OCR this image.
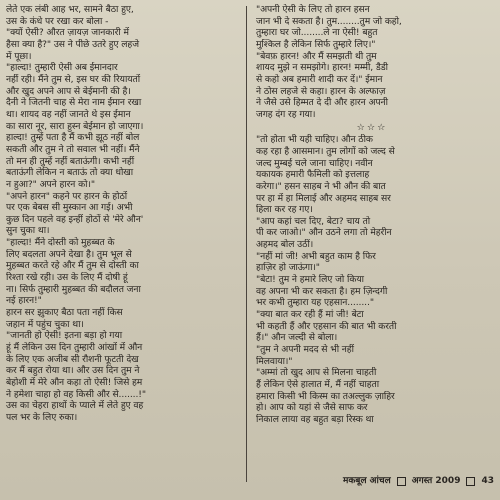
लेते एक लंबी आह भर, सामने बैठा हुए,
उस के कंधे पर रखा कर बोला -
"क्यों ऐसी? औरत ज़ायज़ जानकारी में
हैसा क्या है?" उस ने पीछे उतरे हुए लहजे
में पूछा।
"हाल्दा! तुम्हारी ऐसी अब ईमानदार
नहीं रही। मैंने तुम से, इस घर की रियायतों
और खुद अपने आप से बेईमानी की है।
दैनी ने जितनी चाह से मेरा नाम ईमान रखा
था। शायद वह नहीं जानते थे इस ईमान
का सारा नूर, सारा हुस्न बेईमान हो जाएगा।
हाल्दा! तुम्हें पता है मैं कभी झूठ नहीं बोल
सकती और तुम ने तो सवाल भी नहीं। मैंने
तो मन ही तुम्हें नहीं बताऊंगी। कभी नहीं
बताऊंगी लेकिन न बताऊं तो क्या धोखा
न हुआ?" अपने हारन को।"
"अपने हारन" कहने पर हारन के होठों
पर एक बेबस सी मुस्कान आ गई। अभी
कुछ दिन पहले वह इन्हीं होठों से 'मेरे औन'
सुन चुका था।
"हाल्दा! मैंने दोस्ती को मुहब्बत के
लिए बदलता अपने देखा है। तुम भूल से
मुहब्बत करते रहे और मैं तुम से दोस्ती का
रिश्ता रखे रही। उस के लिए मैं दोषी हूं
ना। सिर्फ तुम्हारी मुहब्बत की बदौलत जना
नई हारन!"
हारन सर झुकाए बैठा पता नहीं किस
जहान में पहुंच चुका था।
"जानती हो ऐसी! इतना बड़ा हो गया
हूं मैं लेकिन उस दिन तुम्हारी आंखों में औन
के लिए एक अजीब सी रौशनी फूटती देख
कर मैं बहुत रोया था। और उस दिन तुम ने
बेहोशी में मेरे औन कहा तो ऐसी! जिसे हम
ने हमेशा चाहा हो वह किसी और से.......!"
उस का चेहरा हाथों के प्याले में लेते हुए वह
पल भर के लिए रुका।
"अपनी ऐसी के लिए तो हारन हसन
जान भी दे सकता है। तुम........तुम जो कहो,
तुम्हारा घर जो........ले ना ऐसी! बहुत
मुश्किल है लेकिन सिर्फ तुम्हारे लिए।"
"बेवफ़ हारन! और मैं समझती थी तुम
शायद मुझे न समझोगे। हारन! मम्मी, डैडी
से कहो अब हमारी शादी कर दें।" ईमान
ने ठोस लहजे से कहा। हारन के अल्फाज़
ने जैसे उसे हिम्मत दे दी और हारन अपनी
जगह दंग रह गया।
☆☆☆
"तो होता भी यही चाहिए। औन ठीक
कह रहा है आसमान। तुम लोगों को जल्द से
जल्द मुम्बई चले जाना चाहिए। नवीन
यकायक हमारी फैमिली को इत्तलाह
करेगा।" हसन साहब ने भी औन की बात
पर हा में हा मिलाई और अहमद साहब सर
हिला कर रह गए।
"आप कहां चल दिए, बेटा? चाय तो
पी कर जाओ।" औन उठने लगा तो मेहरीन
अहमद बोल उठीं।
"नहीं मां जी! अभी बहुत काम है फिर
हाज़िर हो जाऊंगा।"
"बेटा! तुम ने हमारे लिए जो किया
वह अपना भी कर सकता है। हम ज़िन्दगी
भर कभी तुम्हारा यह एहसान........"
"क्या बात कर रही हैं मां जी! बेटा
भी कहती हैं और एहसान की बात भी करती
हैं।" औन जल्दी से बोला।
"तुम ने अपनी मदद से भी नहीं
मिलवाया।"
"अम्मां तो खुद आप से मिलना चाहती
हैं लेकिन ऐसे हालात में, मैं नहीं चाहता
हमारा किसी भी किस्म का तअल्लुक ज़ाहिर
हो। आप को यहां से जैसे साफ कर
निकाल लाया वह बहुत बड़ा रिस्क था
मकबूल आंचल अगस्त 2009 43
